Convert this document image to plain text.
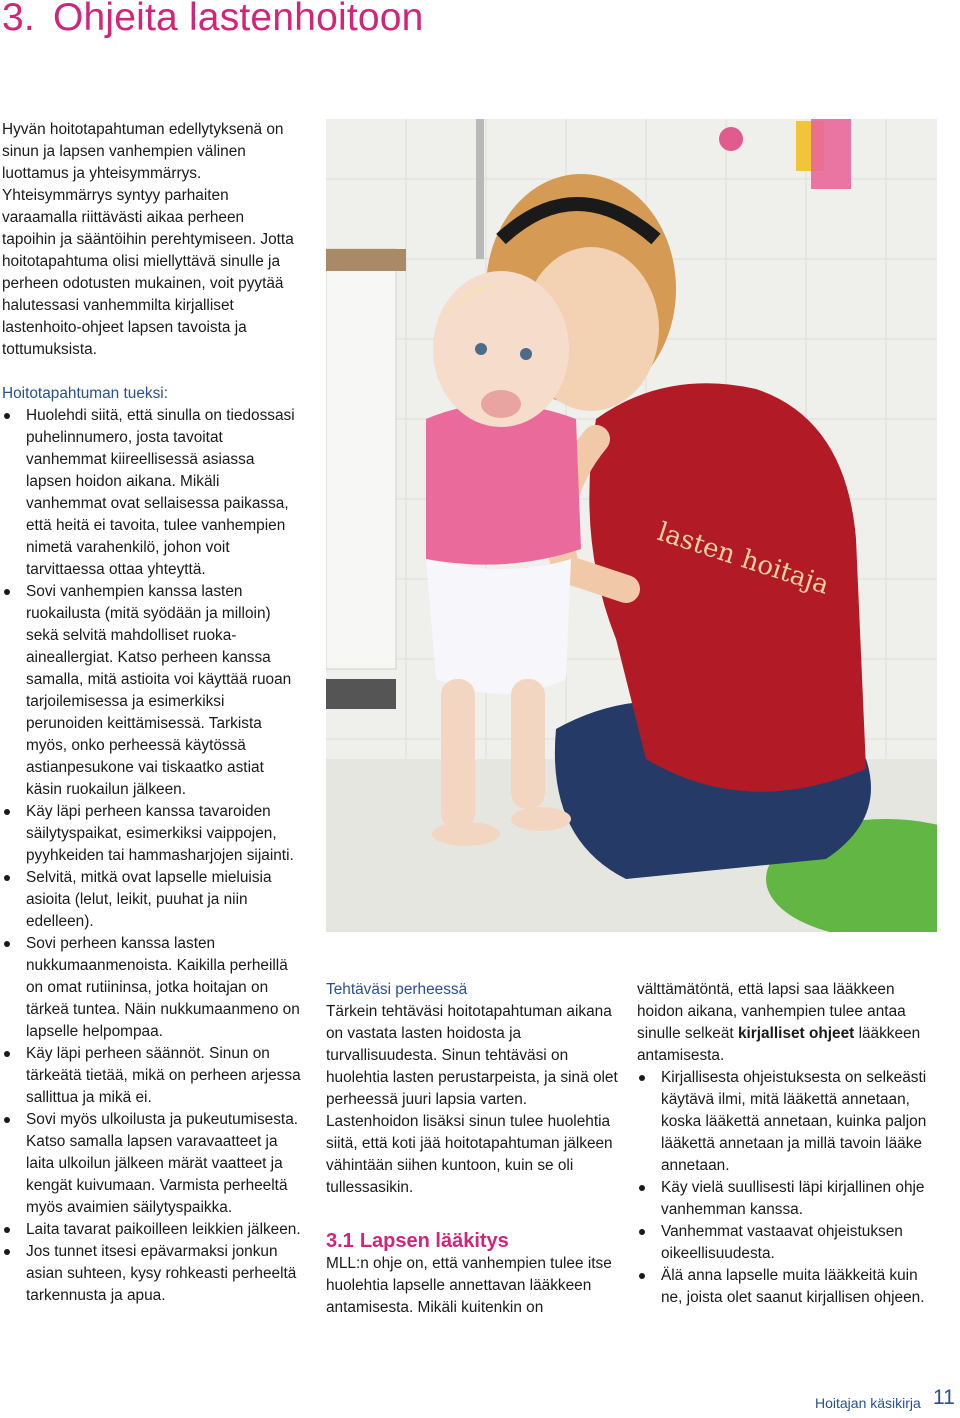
3. Ohjeita lastenhoitoon

Hyvän hoitotapahtuman edellytyksenä on sinun ja lapsen vanhempien välinen luottamus ja yhteisymmärrys. Yhteisymmärrys syntyy parhaiten varaamalla riittävästi aikaa perheen tapoihin ja sääntöihin perehtymiseen. Jotta hoitotapahtuma olisi miellyttävä sinulle ja perheen odotusten mukainen, voit pyytää halutessasi vanhemmilta kirjalliset lastenhoito-ohjeet lapsen tavoista ja tottumuksista.

Hoitotapahtuman tueksi:

Huolehdi siitä, että sinulla on tiedossasi puhelinnumero, josta tavoitat vanhemmat kiireellisessä asiassa lapsen hoidon aikana. Mikäli vanhemmat ovat sellaisessa paikassa, että heitä ei tavoita, tulee vanhempien nimetä varahenkilö, johon voit tarvittaessa ottaa yhteyttä.
Sovi vanhempien kanssa lasten ruokailusta (mitä syödään ja milloin) sekä selvitä mahdolliset ruoka-aineallergiat. Katso perheen kanssa samalla, mitä astioita voi käyttää ruoan tarjoilemisessa ja esimerkiksi perunoiden keittämisessä. Tarkista myös, onko perheessä käytössä astianpesukone vai tiskaatko astiat käsin ruokailun jälkeen.
Käy läpi perheen kanssa tavaroiden säilytyspaikat, esimerkiksi vaippojen, pyyhkeiden tai hammasharjojen sijainti.
Selvitä, mitkä ovat lapselle mieluisia asioita (lelut, leikit, puuhat ja niin edelleen).
Sovi perheen kanssa lasten nukkumaanmenoista. Kaikilla perheillä on omat rutiininsa, jotka hoitajan on tärkeä tuntea. Näin nukkumaanmeno on lapselle helpompaa.
Käy läpi perheen säännöt. Sinun on tärkeätä tietää, mikä on perheen arjessa sallittua ja mikä ei.
Sovi myös ulkoilusta ja pukeutumisesta. Katso samalla lapsen varavaatteet ja laita ulkoilun jälkeen märät vaatteet ja kengät kuivumaan. Varmista perheeltä myös avaimien säilytyspaikka.
Laita tavarat paikoilleen leikkien jälkeen.
Jos tunnet itsesi epävarmaksi jonkun asian suhteen, kysy rohkeasti perheeltä tarkennusta ja apua.
lasten hoitaja

Tehtäväsi perheessä

Tärkein tehtäväsi hoitotapahtuman aikana on vastata lasten hoidosta ja turvallisuudesta. Sinun tehtäväsi on huolehtia lasten perustarpeista, ja sinä olet perheessä juuri lapsia varten. Lastenhoidon lisäksi sinun tulee huolehtia siitä, että koti jää hoitotapahtuman jälkeen vähintään siihen kuntoon, kuin se oli tullessasikin.

3.1 Lapsen lääkitys

MLL:n ohje on, että vanhempien tulee itse huolehtia lapselle annettavan lääkkeen antamisesta. Mikäli kuitenkin on

välttämätöntä, että lapsi saa lääkkeen hoidon aikana, vanhempien tulee antaa sinulle selkeät kirjalliset ohjeet lääkkeen antamisesta.

Kirjallisesta ohjeistuksesta on selkeästi käytävä ilmi, mitä lääkettä annetaan, koska lääkettä annetaan, kuinka paljon lääkettä annetaan ja millä tavoin lääke annetaan.
Käy vielä suullisesti läpi kirjallinen ohje vanhemman kanssa.
Vanhemmat vastaavat ohjeistuksen oikeellisuudesta.
Älä anna lapselle muita lääkkeitä kuin ne, joista olet saanut kirjallisen ohjeen.
Hoitajan käsikirja 11
